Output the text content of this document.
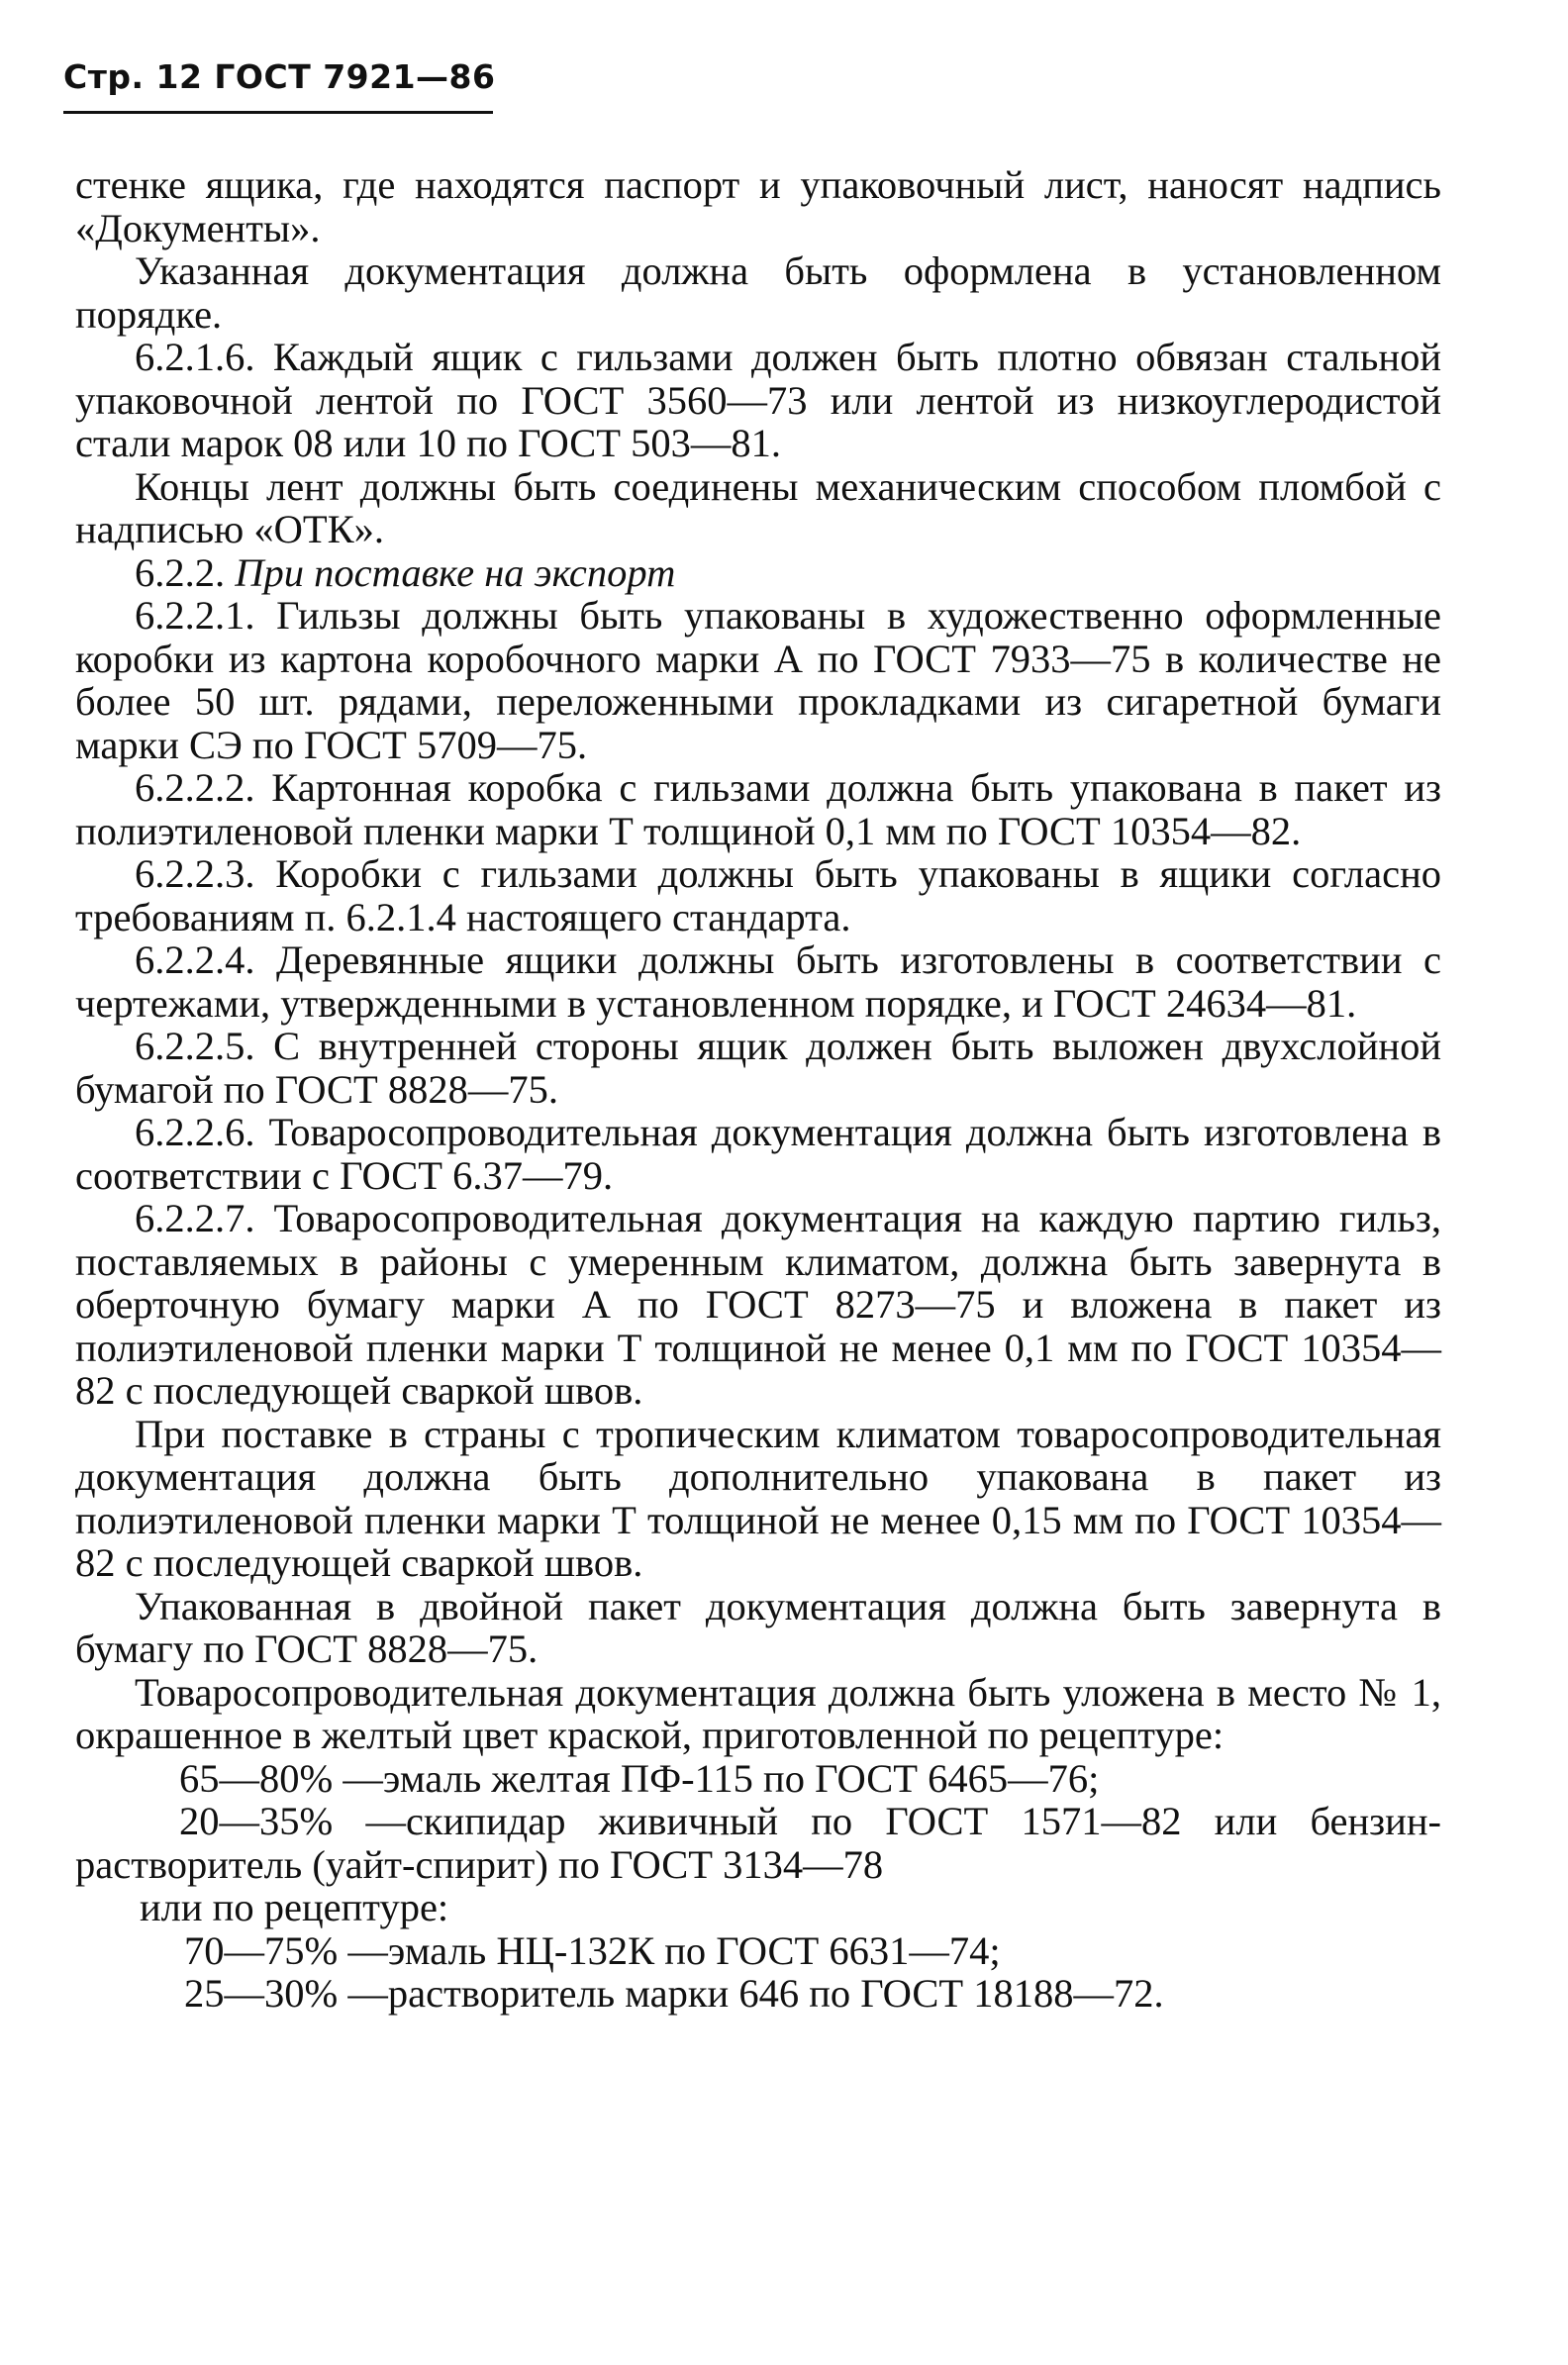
Стр. 12 ГОСТ 7921—86

стенке ящика, где находятся паспорт и упаковочный лист, наносят надпись «Документы».

Указанная документация должна быть оформлена в установленном порядке.

6.2.1.6. Каждый ящик с гильзами должен быть плотно обвязан стальной упаковочной лентой по ГОСТ 3560—73 или лентой из низкоуглеродистой стали марок 08 или 10 по ГОСТ 503—81.

Концы лент должны быть соединены механическим способом пломбой с надписью «ОТК».

6.2.2. При поставке на экспорт

6.2.2.1. Гильзы должны быть упакованы в художественно оформленные коробки из картона коробочного марки А по ГОСТ 7933—75 в количестве не более 50 шт. рядами, переложенными прокладками из сигаретной бумаги марки СЭ по ГОСТ 5709—75.

6.2.2.2. Картонная коробка с гильзами должна быть упакована в пакет из полиэтиленовой пленки марки Т толщиной 0,1 мм по ГОСТ 10354—82.

6.2.2.3. Коробки с гильзами должны быть упакованы в ящики согласно требованиям п. 6.2.1.4 настоящего стандарта.

6.2.2.4. Деревянные ящики должны быть изготовлены в соответствии с чертежами, утвержденными в установленном порядке, и ГОСТ 24634—81.

6.2.2.5. С внутренней стороны ящик должен быть выложен двухслойной бумагой по ГОСТ 8828—75.

6.2.2.6. Товаросопроводительная документация должна быть изготовлена в соответствии с ГОСТ 6.37—79.

6.2.2.7. Товаросопроводительная документация на каждую партию гильз, поставляемых в районы с умеренным климатом, должна быть завернута в оберточную бумагу марки А по ГОСТ 8273—75 и вложена в пакет из полиэтиленовой пленки марки Т толщиной не менее 0,1 мм по ГОСТ 10354—82 с последующей сваркой швов.

При поставке в страны с тропическим климатом товаросопроводительная документация должна быть дополнительно упакована в пакет из полиэтиленовой пленки марки Т толщиной не менее 0,15 мм по ГОСТ 10354—82 с последующей сваркой швов.

Упакованная в двойной пакет документация должна быть завернута в бумагу по ГОСТ 8828—75.

Товаросопроводительная документация должна быть уложена в место № 1, окрашенное в желтый цвет краской, приготовленной по рецептуре:

65—80% —эмаль желтая ПФ-115 по ГОСТ 6465—76;

20—35% —скипидар живичный по ГОСТ 1571—82 или бензин-растворитель (уайт-спирит) по ГОСТ 3134—78

или по рецептуре:

70—75% —эмаль НЦ-132К по ГОСТ 6631—74;

25—30% —растворитель марки 646 по ГОСТ 18188—72.
